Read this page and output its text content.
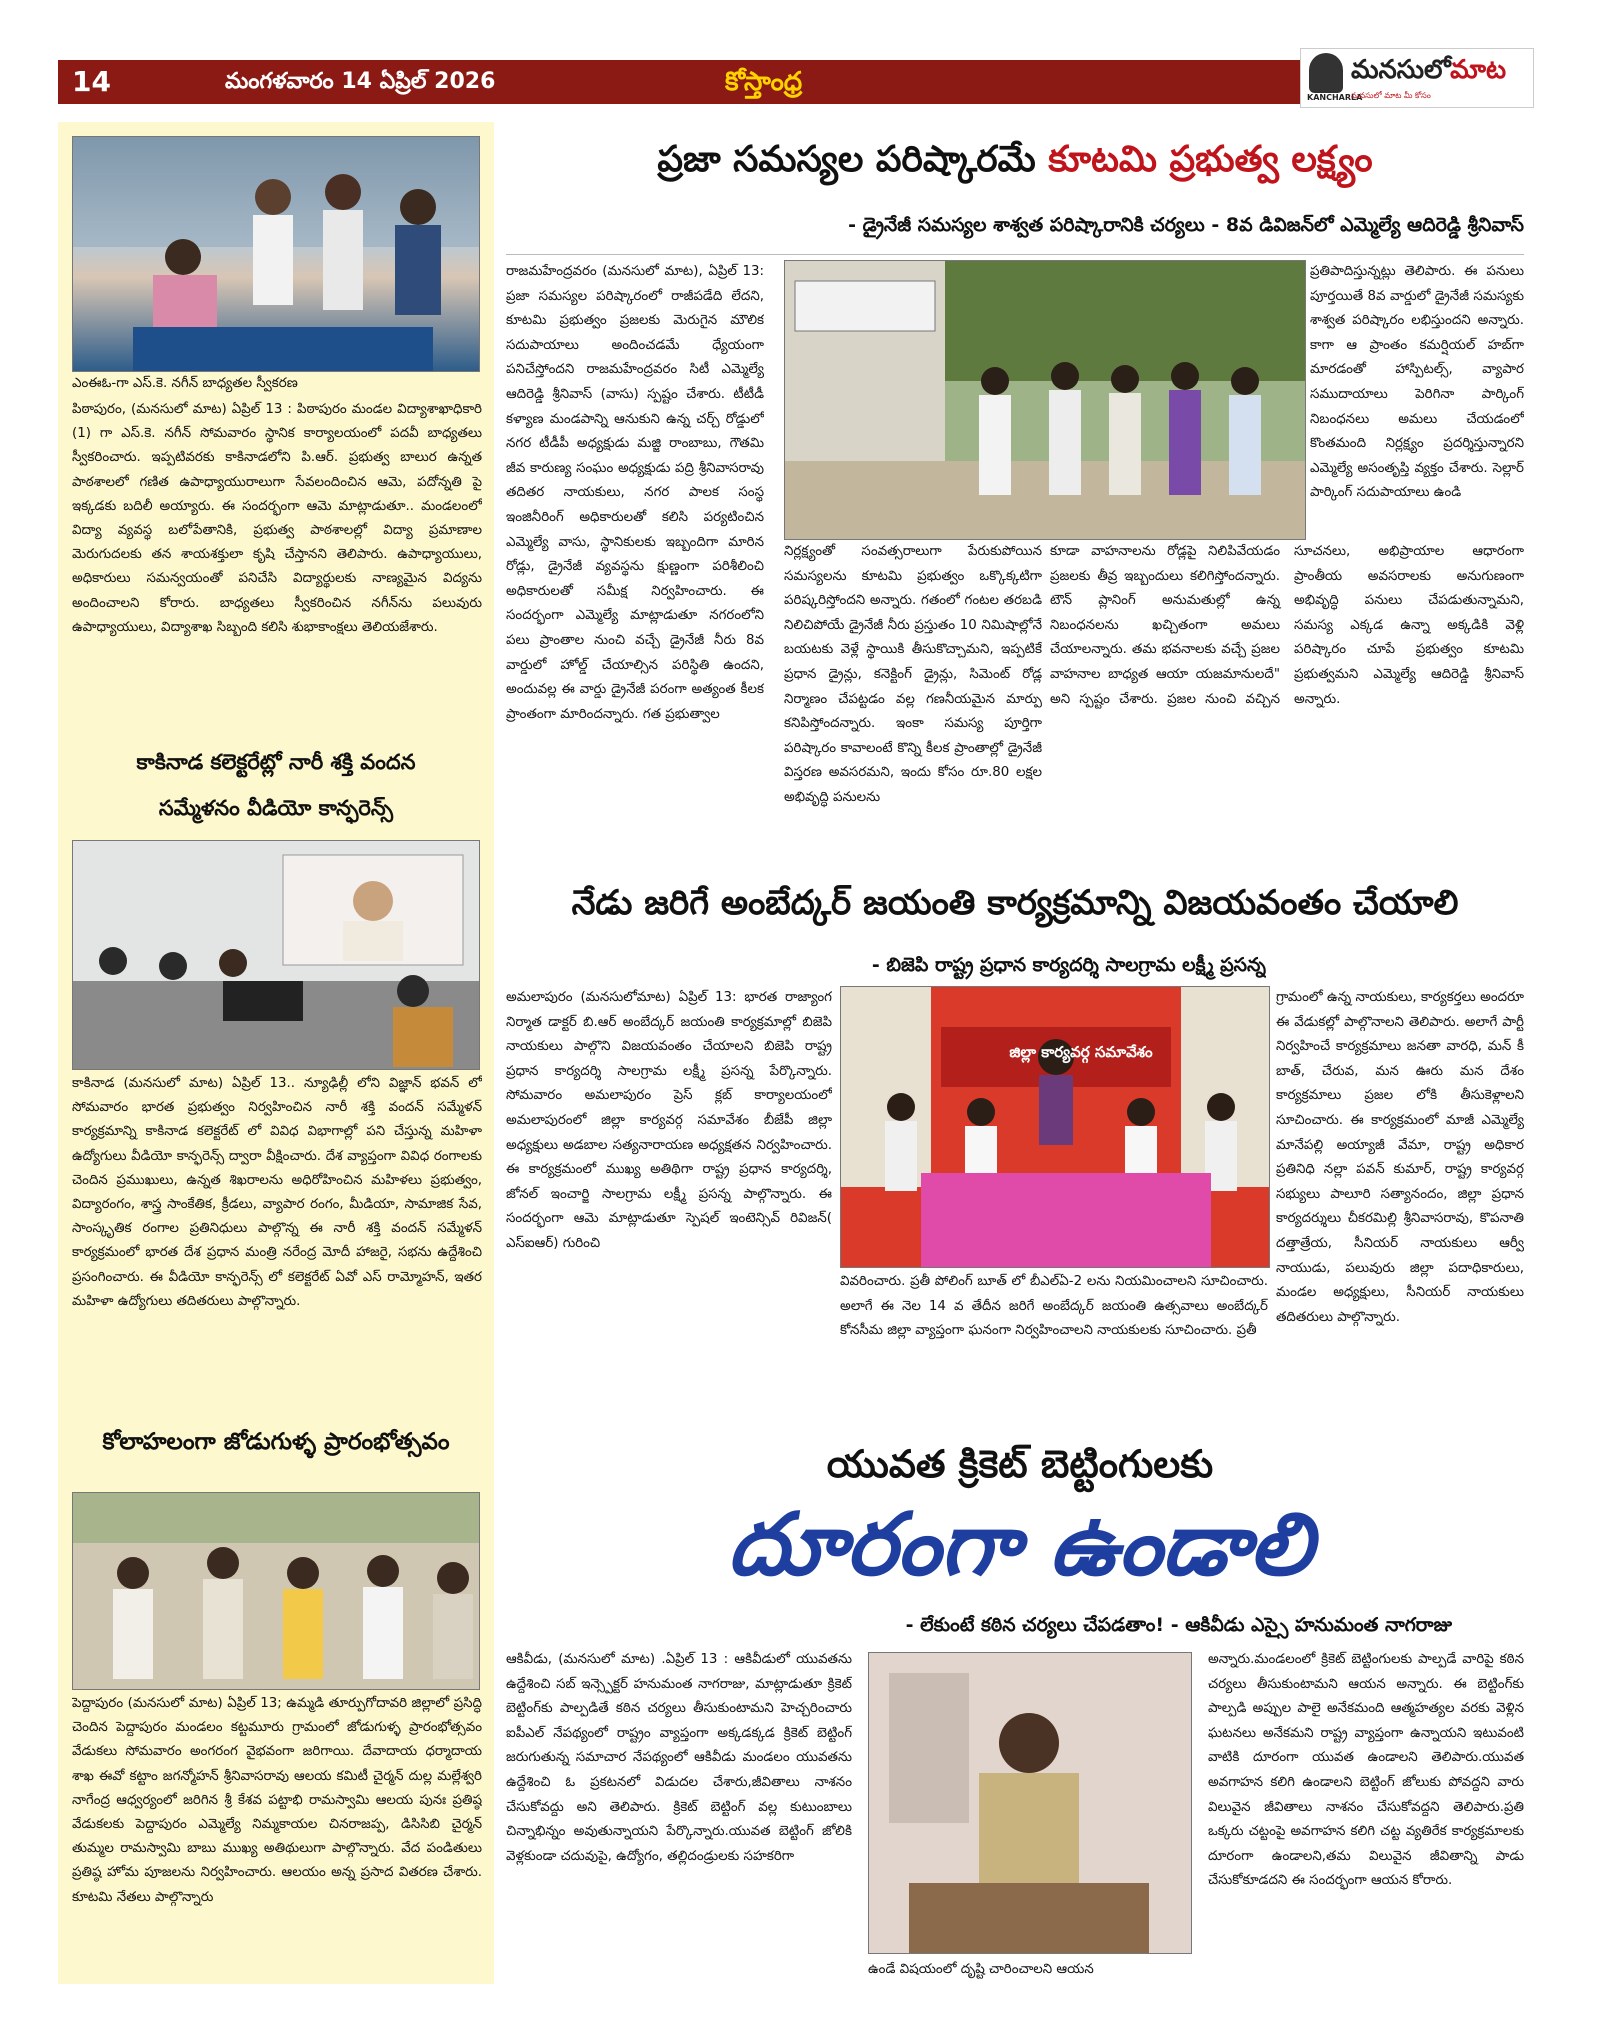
14	మంగళవారం 14 ఏప్రిల్ 2026	కోస్తాంధ్ర	మనసులోమాట
KANCHARLA
మనసులో మాట మీ కోసం
ఎంఈఓ-గా ఎస్.కె. నగీన్ బాధ్యతల స్వీకరణ
పిఠాపురం, (మనసులో మాట) ఏప్రిల్ 13 : పిఠాపురం మండల విద్యాశాఖాధికారి (1) గా ఎస్.కె. నగీన్ సోమవారం స్థానిక కార్యాలయంలో పదవీ బాధ్యతలు స్వీకరించారు. ఇప్పటివరకు కాకినాడలోని పి.ఆర్. ప్రభుత్వ బాలుర ఉన్నత పాఠశాలలో గణిత ఉపాధ్యాయురాలుగా సేవలందించిన ఆమె, పదోన్నతి పై ఇక్కడకు బదిలీ అయ్యారు. ఈ సందర్భంగా ఆమె మాట్లాడుతూ.. మండలంలో విద్యా వ్యవస్థ బలోపేతానికి, ప్రభుత్వ పాఠశాలల్లో విద్యా ప్రమాణాల మెరుగుదలకు తన శాయశక్తులా కృషి చేస్తానని తెలిపారు. ఉపాధ్యాయులు, అధికారులు సమన్వయంతో పనిచేసి విద్యార్థులకు నాణ్యమైన విద్యను అందించాలని కోరారు. బాధ్యతలు స్వీకరించిన నగీన్‌ను పలువురు ఉపాధ్యాయులు, విద్యాశాఖ సిబ్బంది కలిసి శుభాకాంక్షలు తెలియజేశారు.
కాకినాడ కలెక్టరేట్లో నారీ శక్తి వందన
సమ్మేళనం వీడియో కాన్ఫరెన్స్
కాకినాడ (మనసులో మాట) ఏప్రిల్ 13.. న్యూఢిల్లీ లోని విజ్ఞాన్ భవన్ లో సోమవారం భారత ప్రభుత్వం నిర్వహించిన నారీ శక్తి వందన్ సమ్మేళన్ కార్యక్రమాన్ని కాకినాడ కలెక్టరేట్ లో వివిధ విభాగాల్లో పని చేస్తున్న మహిళా ఉద్యోగులు వీడియో కాన్ఫరెన్స్ ద్వారా వీక్షించారు. దేశ వ్యాప్తంగా వివిధ రంగాలకు చెందిన ప్రముఖులు, ఉన్నత శిఖరాలను అధిరోహించిన మహిళలు ప్రభుత్వం, విద్యారంగం, శాస్త్ర సాంకేతిక, క్రీడలు, వ్యాపార రంగం, మీడియా, సామాజిక సేవ, సాంస్కృతిక రంగాల ప్రతినిధులు పాల్గొన్న ఈ నారీ శక్తి వందన్ సమ్మేళన్ కార్యక్రమంలో భారత దేశ ప్రధాన మంత్రి నరేంద్ర మోదీ హాజరై, సభను ఉద్దేశించి ప్రసంగించారు. ఈ వీడియో కాన్ఫరెన్స్ లో కలెక్టరేట్ ఏవో ఎస్ రామ్మోహన్, ఇతర మహిళా ఉద్యోగులు తదితరులు పాల్గొన్నారు.
కోలాహలంగా జోడుగుళ్ళ ప్రారంభోత్సవం
పెద్దాపురం (మనసులో మాట) ఏప్రిల్ 13; ఉమ్మడి తూర్పుగోదావరి జిల్లాలో ప్రసిద్ధి చెందిన పెద్దాపురం మండలం కట్టమూరు గ్రామంలో జోడుగుళ్ళ ప్రారంభోత్సవం వేడుకలు సోమవారం అంగరంగ వైభవంగా జరిగాయి. దేవాదాయ ధర్మాదాయ శాఖ ఈవో కట్టాం జగన్మోహన్ శ్రీనివాసరావు ఆలయ కమిటీ చైర్మన్ దుల్ల మల్లేశ్వరి నాగేంద్ర ఆధ్వర్యంలో జరిగిన శ్రీ కేశవ పట్టాభి రామస్వామి ఆలయ పునః ప్రతిష్ఠ వేడుకలకు పెద్దాపురం ఎమ్మెల్యే నిమ్మకాయల చినరాజప్ప, డిసిసిబి చైర్మన్ తుమ్మల రామస్వామి బాబు ముఖ్య అతిథులుగా పాల్గొన్నారు. వేద పండితులు ప్రతిష్ఠ హోమ పూజలను నిర్వహించారు. ఆలయం అన్న ప్రసాద వితరణ చేశారు. కూటమి నేతలు పాల్గొన్నారు
ప్రజా సమస్యల పరిష్కారమే కూటమి ప్రభుత్వ లక్ష్యం
- డ్రైనేజీ సమస్యల శాశ్వత పరిష్కారానికి చర్యలు - 8వ డివిజన్‌లో ఎమ్మెల్యే ఆదిరెడ్డి శ్రీనివాస్
రాజమహేంద్రవరం (మనసులో మాట), ఏప్రిల్ 13: ప్రజా సమస్యల పరిష్కారంలో రాజీపడేది లేదని, కూటమి ప్రభుత్వం ప్రజలకు మెరుగైన మౌలిక సదుపాయాలు అందించడమే ధ్యేయంగా పనిచేస్తోందని రాజమహేంద్రవరం సిటీ ఎమ్మెల్యే ఆదిరెడ్డి శ్రీనివాస్ (వాసు) స్పష్టం చేశారు. టీటీడీ కళ్యాణ మండపాన్ని ఆనుకుని ఉన్న చర్చ్ రోడ్డులో నగర టీడీపీ అధ్యక్షుడు మజ్జి రాంబాబు, గౌతమి జీవ కారుణ్య సంఘం అధ్యక్షుడు పద్రి శ్రీనివాసరావు తదితర నాయకులు, నగర పాలక సంస్థ ఇంజినీరింగ్ అధికారులతో కలిసి పర్యటించిన ఎమ్మెల్యే వాసు, స్థానికులకు ఇబ్బందిగా మారిన రోడ్లు, డ్రైనేజీ వ్యవస్థను క్షుణ్ణంగా పరిశీలించి అధికారులతో సమీక్ష నిర్వహించారు. ఈ సందర్భంగా ఎమ్మెల్యే మాట్లాడుతూ నగరంలోని పలు ప్రాంతాల నుంచి వచ్చే డ్రైనేజీ నీరు 8వ వార్డులో హోల్డ్ చేయాల్సిన పరిస్థితి ఉందని, అందువల్ల ఈ వార్డు డ్రైనేజీ పరంగా అత్యంత కీలక ప్రాంతంగా మారిందన్నారు. గత ప్రభుత్వాల
నిర్లక్ష్యంతో సంవత్సరాలుగా పేరుకుపోయిన సమస్యలను కూటమి ప్రభుత్వం ఒక్కొక్కటిగా పరిష్కరిస్తోందని అన్నారు. గతంలో గంటల తరబడి నిలిచిపోయే డ్రైనేజీ నీరు ప్రస్తుతం 10 నిమిషాల్లోనే బయటకు వెళ్లే స్థాయికి తీసుకొచ్చామని, ఇప్పటికే ప్రధాన డ్రైన్లు, కనెక్టింగ్ డ్రైన్లు, సిమెంట్ రోడ్ల నిర్మాణం చేపట్టడం వల్ల గణనీయమైన మార్పు కనిపిస్తోందన్నారు. ఇంకా సమస్య పూర్తిగా పరిష్కారం కావాలంటే కొన్ని కీలక ప్రాంతాల్లో డ్రైనేజీ విస్తరణ అవసరమని, ఇందు కోసం రూ.80 లక్షల అభివృద్ధి పనులను
కూడా వాహనాలను రోడ్లపై నిలిపివేయడం ప్రజలకు తీవ్ర ఇబ్బందులు కలిగిస్తోందన్నారు. టౌన్ ప్లానింగ్ అనుమతుల్లో ఉన్న నిబంధనలను ఖచ్చితంగా అమలు చేయాలన్నారు. తమ భవనాలకు వచ్చే ప్రజల వాహనాల బాధ్యత ఆయా యజమానులదే" అని స్పష్టం చేశారు. ప్రజల నుంచి వచ్చిన సూచనలు, అభిప్రాయాల ఆధారంగా ప్రాంతీయ అవసరాలకు అనుగుణంగా అభివృద్ధి పనులు చేపడుతున్నామని, సమస్య ఎక్కడ ఉన్నా అక్కడికి వెళ్లి పరిష్కారం చూపే ప్రభుత్వం కూటమి ప్రభుత్వమని ఎమ్మెల్యే ఆదిరెడ్డి శ్రీనివాస్ అన్నారు.
ప్రతిపాదిస్తున్నట్లు తెలిపారు. ఈ పనులు పూర్తయితే 8వ వార్డులో డ్రైనేజీ సమస్యకు శాశ్వత పరిష్కారం లభిస్తుందని అన్నారు. కాగా ఆ ప్రాంతం కమర్షియల్ హబ్‌గా మారడంతో హాస్పిటల్స్, వ్యాపార సముదాయాలు పెరిగినా పార్కింగ్ నిబంధనలు అమలు చేయడంలో కొంతమంది నిర్లక్ష్యం ప్రదర్శిస్తున్నారని ఎమ్మెల్యే అసంతృప్తి వ్యక్తం చేశారు. సెల్లార్ పార్కింగ్ సదుపాయాలు ఉండి
నేడు జరిగే అంబేద్కర్ జయంతి కార్యక్రమాన్ని విజయవంతం చేయాలి
- బిజెపి రాష్ట్ర ప్రధాన కార్యదర్శి సాలగ్రామ లక్ష్మీ ప్రసన్న
అమలాపురం (మనసులోమాట) ఏప్రిల్ 13: భారత రాజ్యాంగ నిర్మాత డాక్టర్ బి.ఆర్ అంబేద్కర్ జయంతి కార్యక్రమాల్లో బిజెపి నాయకులు పాల్గొని విజయవంతం చేయాలని బిజెపి రాష్ట్ర ప్రధాన కార్యదర్శి సాలగ్రామ లక్ష్మీ ప్రసన్న పేర్కొన్నారు. సోమవారం అమలాపురం ప్రెస్ క్లబ్ కార్యాలయంలో అమలాపురంలో జిల్లా కార్యవర్గ సమావేశం బీజేపీ జిల్లా అధ్యక్షులు అడబాల సత్యనారాయణ అధ్యక్షతన నిర్వహించారు. ఈ కార్యక్రమంలో ముఖ్య అతిథిగా రాష్ట్ర ప్రధాన కార్యదర్శి, జోనల్ ఇంచార్జి సాలగ్రామ లక్ష్మీ ప్రసన్న పాల్గొన్నారు. ఈ సందర్భంగా ఆమె మాట్లాడుతూ స్పెషల్ ఇంటెన్సివ్ రివిజన్( ఎస్ఐఆర్) గురించి
జిల్లా కార్యవర్గ సమావేశం
వివరించారు. ప్రతీ పోలింగ్ బూత్ లో బీఎల్ఏ-2 లను నియమించాలని సూచించారు. అలాగే ఈ నెల 14 వ తేదీన జరిగే అంబేద్కర్ జయంతి ఉత్సవాలు అంబేద్కర్ కోనసీమ జిల్లా వ్యాప్తంగా ఘనంగా నిర్వహించాలని నాయకులకు సూచించారు. ప్రతీ
గ్రామంలో ఉన్న నాయకులు, కార్యకర్తలు అందరూ ఈ వేడుకల్లో పాల్గొనాలని తెలిపారు. అలాగే పార్టీ నిర్వహించే కార్యక్రమాలు జనతా వారధి, మన్ కీ బాత్, చేరువ, మన ఊరు మన దేశం కార్యక్రమాలు ప్రజల లోకి తీసుకెళ్లాలని సూచించారు. ఈ కార్యక్రమంలో మాజీ ఎమ్మెల్యే మానేపల్లి అయ్యాజీ వేమా, రాష్ట్ర అధికార ప్రతినిధి నల్లా పవన్ కుమార్, రాష్ట్ర కార్యవర్గ సభ్యులు పాలూరి సత్యానందం, జిల్లా ప్రధాన కార్యదర్శులు చీకరమిల్లి శ్రీనివాసరావు, కొపనాతి దత్తాత్రేయ, సీనియర్ నాయకులు ఆర్వీ నాయుడు, పలువురు జిల్లా పదాధికారులు, మండల అధ్యక్షులు, సీనియర్ నాయకులు తదితరులు పాల్గొన్నారు.
యువత క్రికెట్ బెట్టింగులకు
దూరంగా ఉండాలి
- లేకుంటే కఠిన చర్యలు చేపడతాం! - ఆకివీడు ఎస్సై హనుమంత నాగరాజు
ఆకివీడు, (మనసులో మాట) .ఏప్రిల్ 13 : ఆకివీడులో యువతను ఉద్దేశించి సబ్ ఇన్స్పెక్టర్ హనుమంత నాగరాజు, మాట్లాడుతూ క్రికెట్ బెట్టింగ్‌కు పాల్పడితే కఠిన చర్యలు తీసుకుంటామని హెచ్చరించారు ఐపీఎల్ నేపథ్యంలో రాష్ట్రం వ్యాప్తంగా అక్కడక్కడ క్రికెట్ బెట్టింగ్ జరుగుతున్న సమాచార నేపథ్యంలో ఆకివీడు మండలం యువతను ఉద్దేశించి ఓ ప్రకటనలో విడుదల చేశారు,జీవితాలు నాశనం చేసుకోవద్దు అని తెలిపారు. క్రికెట్ బెట్టింగ్ వల్ల కుటుంబాలు చిన్నాభిన్నం అవుతున్నాయని పేర్కొన్నారు.యువత బెట్టింగ్ జోలికి వెళ్లకుండా చదువుపై, ఉద్యోగం, తల్లిదండ్రులకు సహకరిగా
ఉండే విషయంలో దృష్టి చారించాలని ఆయన
అన్నారు.మండలంలో క్రికెట్ బెట్టింగులకు పాల్పడే వారిపై కఠిన చర్యలు తీసుకుంటామని ఆయన అన్నారు. ఈ బెట్టింగ్‌కు పాల్పడి అప్పుల పాలై అనేకమంది ఆత్మహత్యల వరకు వెళ్లిన ఘటనలు అనేకమని రాష్ట్ర వ్యాప్తంగా ఉన్నాయని ఇటువంటి వాటికి దూరంగా యువత ఉండాలని తెలిపారు.యువత అవగాహన కలిగి ఉండాలని బెట్టింగ్ జోలుకు పోవద్దని వారు విలువైన జీవితాలు నాశనం చేసుకోవద్దని తెలిపారు.ప్రతి ఒక్కరు చట్టంపై అవగాహన కలిగి చట్ట వ్యతిరేక కార్యక్రమాలకు దూరంగా ఉండాలని,తమ విలువైన జీవితాన్ని పాడు చేసుకోకూడదని ఈ సందర్భంగా ఆయన కోరారు.
